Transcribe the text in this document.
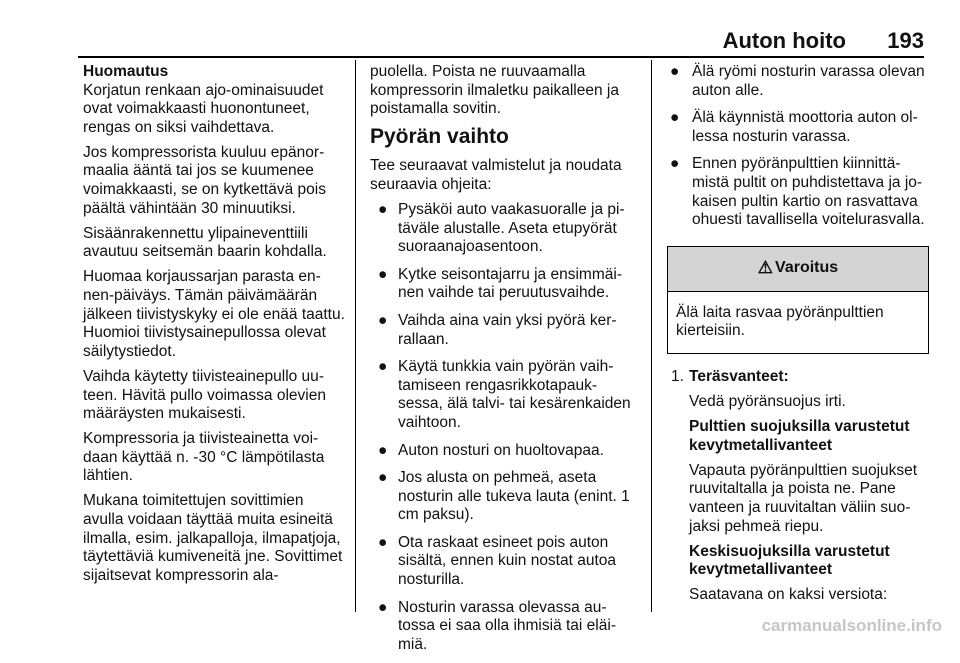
Auton hoito 193
Huomautus

Korjatun renkaan ajo-ominaisuudet ovat voimakkaasti huonontuneet, rengas on siksi vaihdettava.

Jos kompressorista kuuluu epänormaalia ääntä tai jos se kuumenee voimakkaasti, se on kytkettävä pois päältä vähintään 30 minuutiksi.

Sisäänrakennettu ylipaineventtiili avautuu seitsemän baarin kohdalla.

Huomaa korjaussarjan parasta ennen-päiväys. Tämän päivämäärän jälkeen tiivistyskyky ei ole enää taattu. Huomioi tiivistysainepullossa olevat säilytystiedot.

Vaihda käytetty tiivisteainepullo uuteen. Hävitä pullo voimassa olevien määräysten mukaisesti.

Kompressoria ja tiivisteainetta voidaan käyttää n. -30 °C lämpötilasta lähtien.

Mukana toimitettujen sovittimien avulla voidaan täyttää muita esineitä ilmalla, esim. jalkapalloja, ilmapatjoja, täytettäviä kumiveneitä jne. Sovittimet sijaitsevat kompressorin ala-

puolella. Poista ne ruuvaamalla kompressorin ilmaletku paikalleen ja poistamalla sovitin.

Pyörän vaihto

Tee seuraavat valmistelut ja noudata seuraavia ohjeita:

● Pysäköi auto vaakasuoralle ja pitäväle alustalle. Aseta etupyörät suoraanajoasentoon.
● Kytke seisontajarru ja ensimmäinen vaihde tai peruutusvaihde.
● Vaihda aina vain yksi pyörä kerrallaan.
● Käytä tunkkia vain pyörän vaihtamiseen rengasrikkotapauksessa, älä talvi- tai kesärenkaiden vaihtoon.
● Auton nosturi on huoltovapaa.
● Jos alusta on pehmeä, aseta nosturin alle tukeva lauta (enint. 1 cm paksu).
● Ota raskaat esineet pois auton sisältä, ennen kuin nostat autoa nosturilla.
● Nosturin varassa olevassa autossa ei saa olla ihmisiä tai eläimiä.
● Älä ryömi nosturin varassa olevan auton alle.
● Älä käynnistä moottoria auton ollessa nosturin varassa.
● Ennen pyöränpulttien kiinnittämistä pultit on puhdistettava ja jokaisen pultin kartio on rasvattava ohuesti tavallisella voitelurasvalla.
⚠ Varoitus
Älä laita rasvaa pyöränpulttien kierteisiin.
1. Teräsvanteet:

Vedä pyöränsuojus irti.

Pulttien suojuksilla varustetut kevytmetallivanteet

Vapauta pyöränpulttien suojukset ruuvitaltalla ja poista ne. Pane vanteen ja ruuvitaltan väliin suojaksi pehmeä riepu.

Keskisuojuksilla varustetut kevytmetallivanteet

Saatavana on kaksi versiota:

carmanualsonline.info
